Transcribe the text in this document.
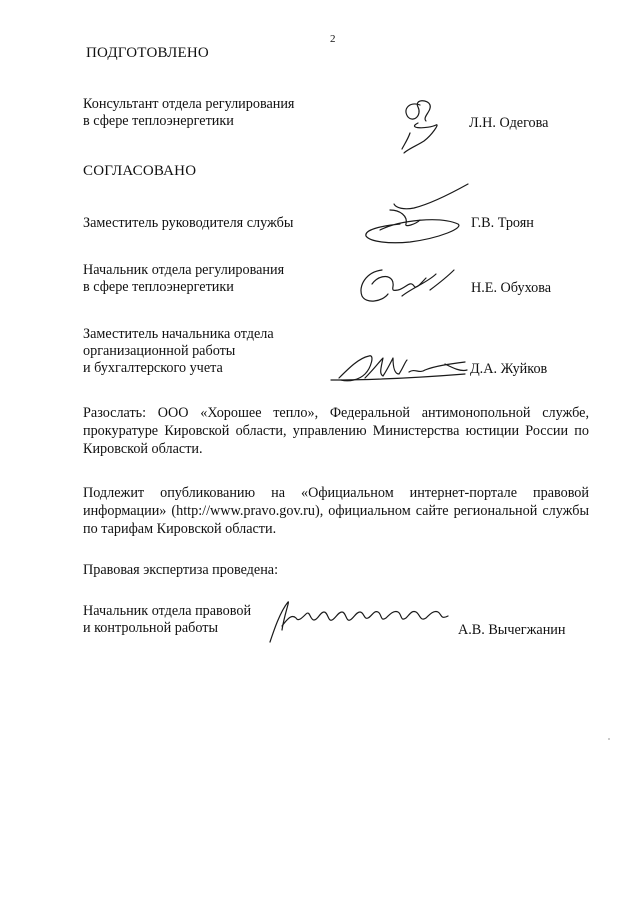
2
ПОДГОТОВЛЕНО
Консультант отдела регулирования
в сфере теплоэнергетики	Л.Н. Одегова
СОГЛАСОВАНО
Заместитель руководителя службы	Г.В. Троян
Начальник отдела регулирования
в сфере теплоэнергетики	Н.Е. Обухова
Заместитель начальника отдела
организационной работы
и бухгалтерского учета	Д.А. Жуйков
Разослать: ООО «Хорошее тепло», Федеральной антимонопольной службе, прокуратуре Кировской области, управлению Министерства юстиции России по Кировской области.
Подлежит опубликованию на «Официальном интернет-портале правовой информации» (http://www.pravo.gov.ru), официальном сайте региональной службы по тарифам Кировской области.
Правовая экспертиза проведена:
Начальник отдела правовой
и контрольной работы	А.В. Вычегжанин
